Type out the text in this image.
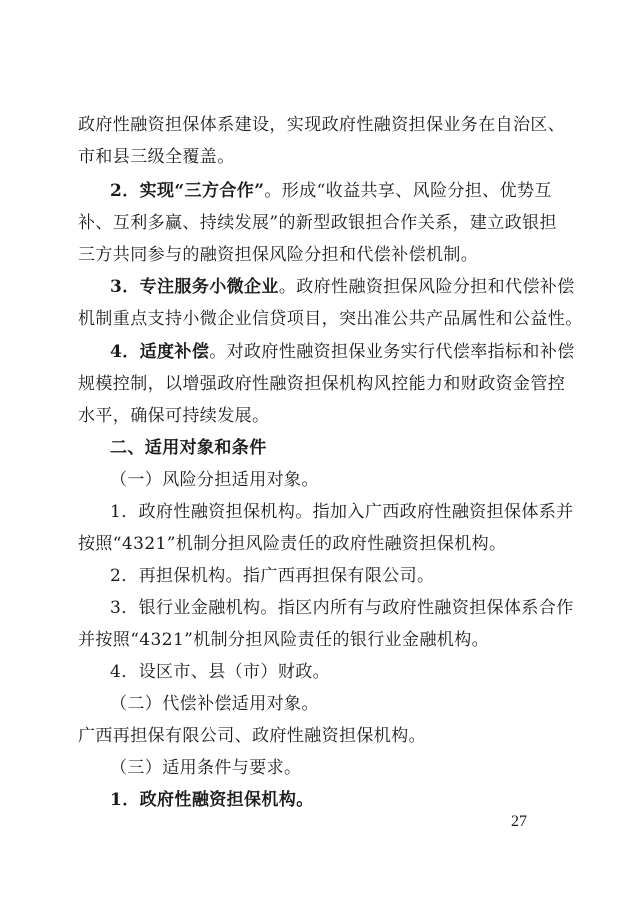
政府性融资担保体系建设，实现政府性融资担保业务在自治区、
市和县三级全覆盖。
2．实现“三方合作”。形成“收益共享、风险分担、优势互
补、互利多赢、持续发展”的新型政银担合作关系，建立政银担
三方共同参与的融资担保风险分担和代偿补偿机制。
3．专注服务小微企业。政府性融资担保风险分担和代偿补偿
机制重点支持小微企业信贷项目，突出准公共产品属性和公益性。
4．适度补偿。对政府性融资担保业务实行代偿率指标和补偿
规模控制，以增强政府性融资担保机构风控能力和财政资金管控
水平，确保可持续发展。
二、适用对象和条件
（一）风险分担适用对象。
1．政府性融资担保机构。指加入广西政府性融资担保体系并
按照“4321”机制分担风险责任的政府性融资担保机构。
2．再担保机构。指广西再担保有限公司。
3．银行业金融机构。指区内所有与政府性融资担保体系合作
并按照“4321”机制分担风险责任的银行业金融机构。
4．设区市、县（市）财政。
（二）代偿补偿适用对象。
广西再担保有限公司、政府性融资担保机构。
（三）适用条件与要求。
1．政府性融资担保机构。
27
